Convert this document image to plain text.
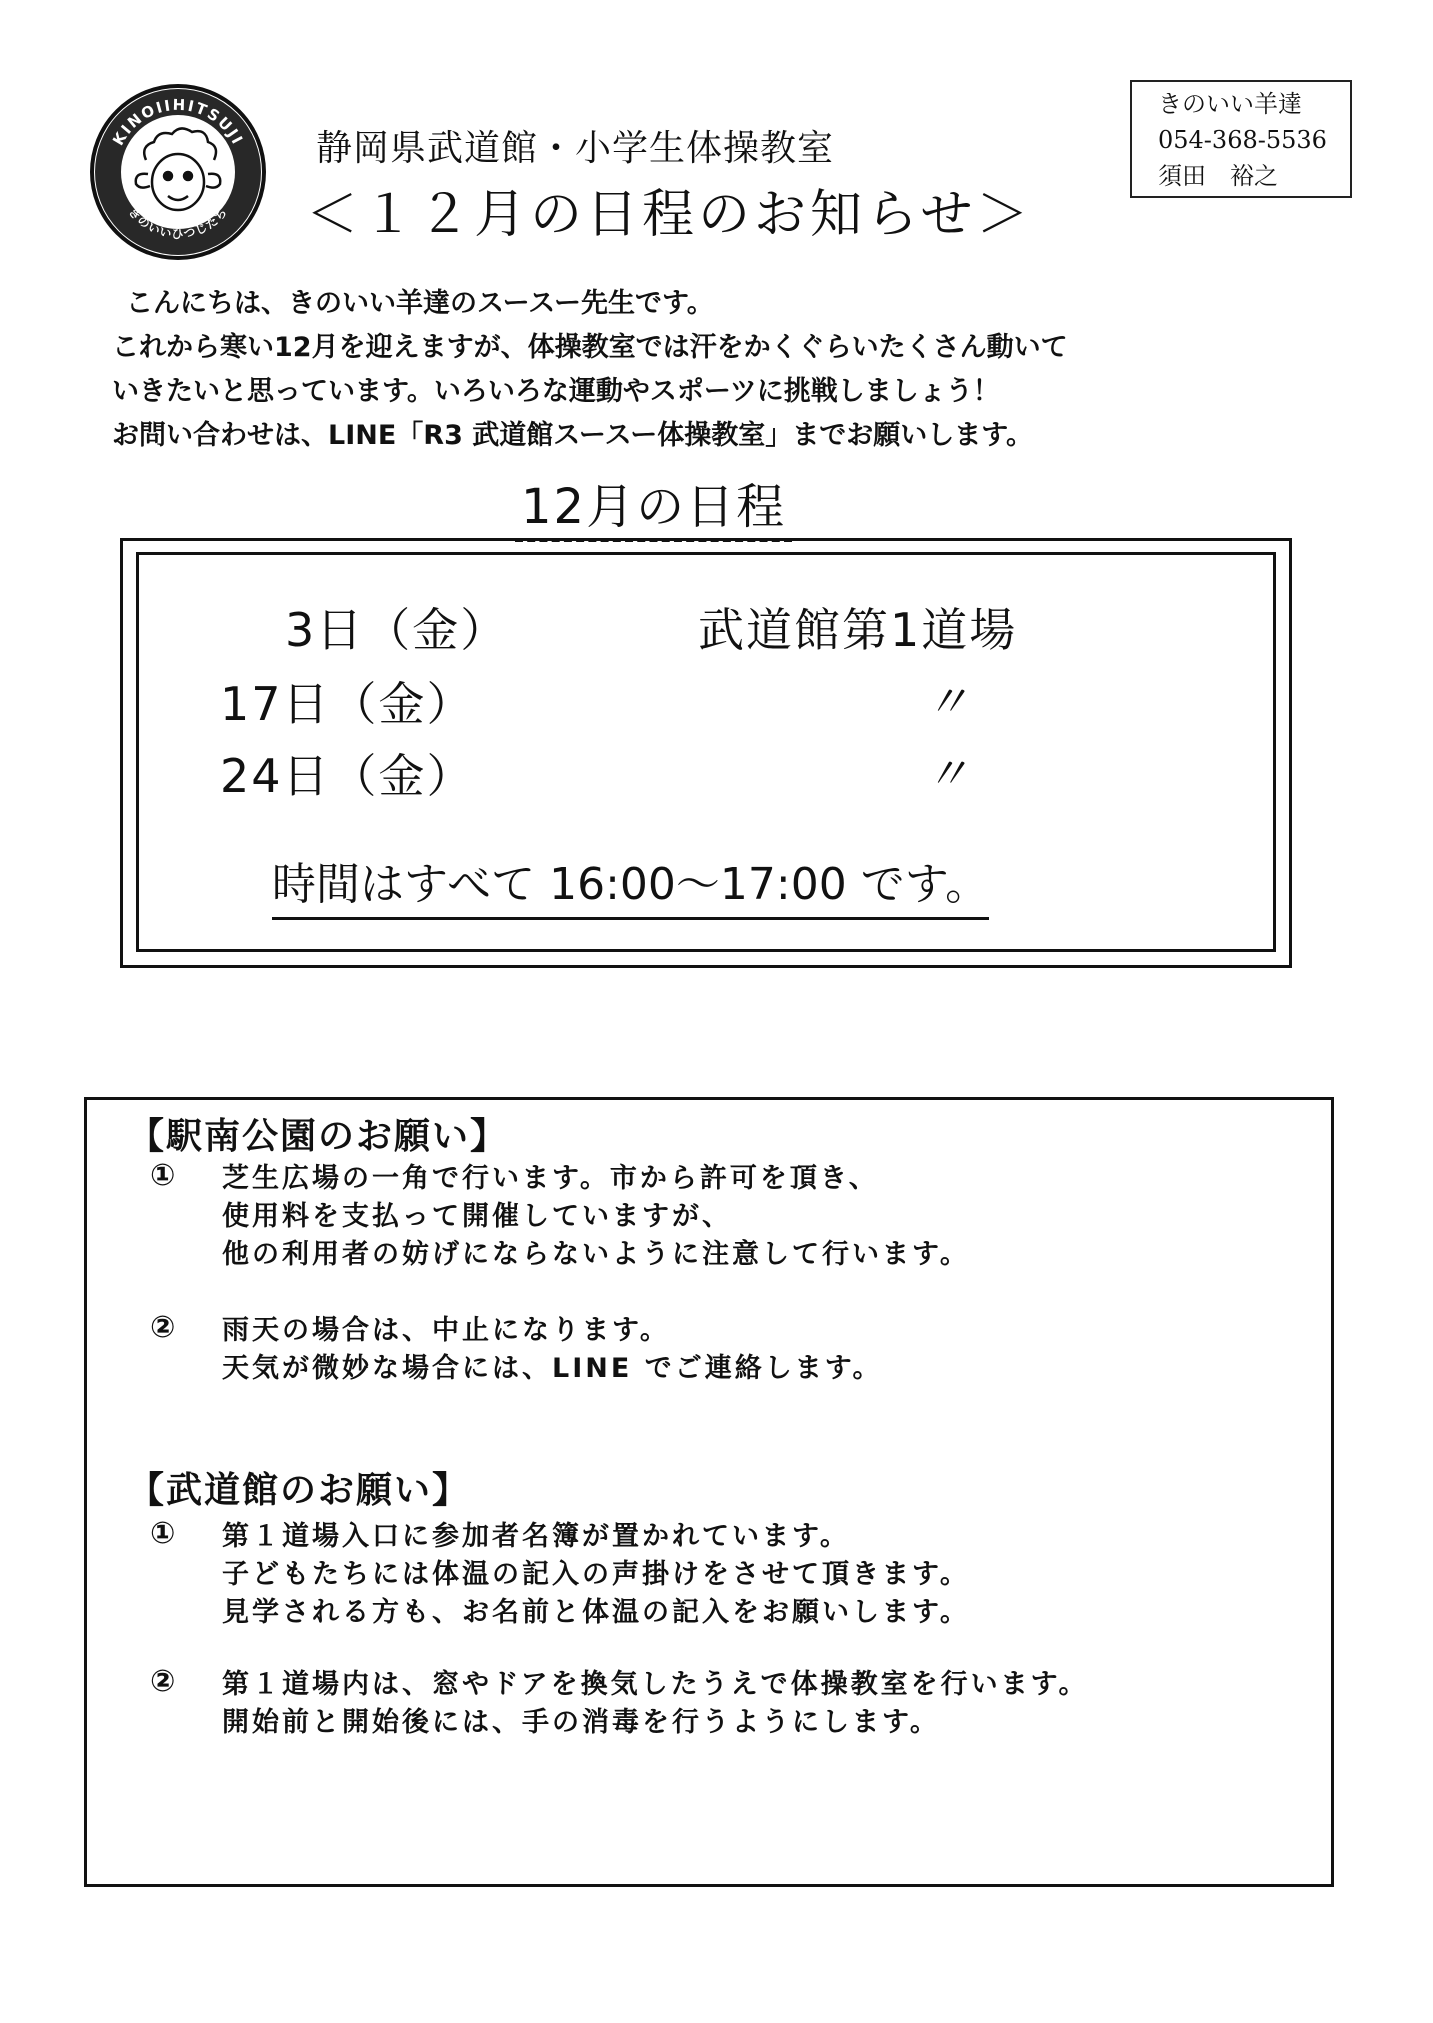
KINOIIHITSUJI
きのいいひつじたち
静岡県武道館・小学生体操教室
＜１２月の日程のお知らせ＞
きのいい羊達
054-368-5536
須田　裕之
こんにちは、きのいい羊達のスースー先生です。
これから寒い12月を迎えますが、体操教室では汗をかくぐらいたくさん動いて
いきたいと思っています。いろいろな運動やスポーツに挑戦しましょう！
お問い合わせは、LINE「R3 武道館スースー体操教室」までお願いします。
12月の日程
3日（金）	武道館第1道場
17日（金）	〃
24日（金）	〃
時間はすべて 16:00～17:00 です。
【駅南公園のお願い】
① 芝生広場の一角で行います。市から許可を頂き、
使用料を支払って開催していますが、
他の利用者の妨げにならないように注意して行います。
② 雨天の場合は、中止になります。
天気が微妙な場合には、LINE でご連絡します。
【武道館のお願い】
① 第１道場入口に参加者名簿が置かれています。
子どもたちには体温の記入の声掛けをさせて頂きます。
見学される方も、お名前と体温の記入をお願いします。
② 第１道場内は、窓やドアを換気したうえで体操教室を行います。
開始前と開始後には、手の消毒を行うようにします。
